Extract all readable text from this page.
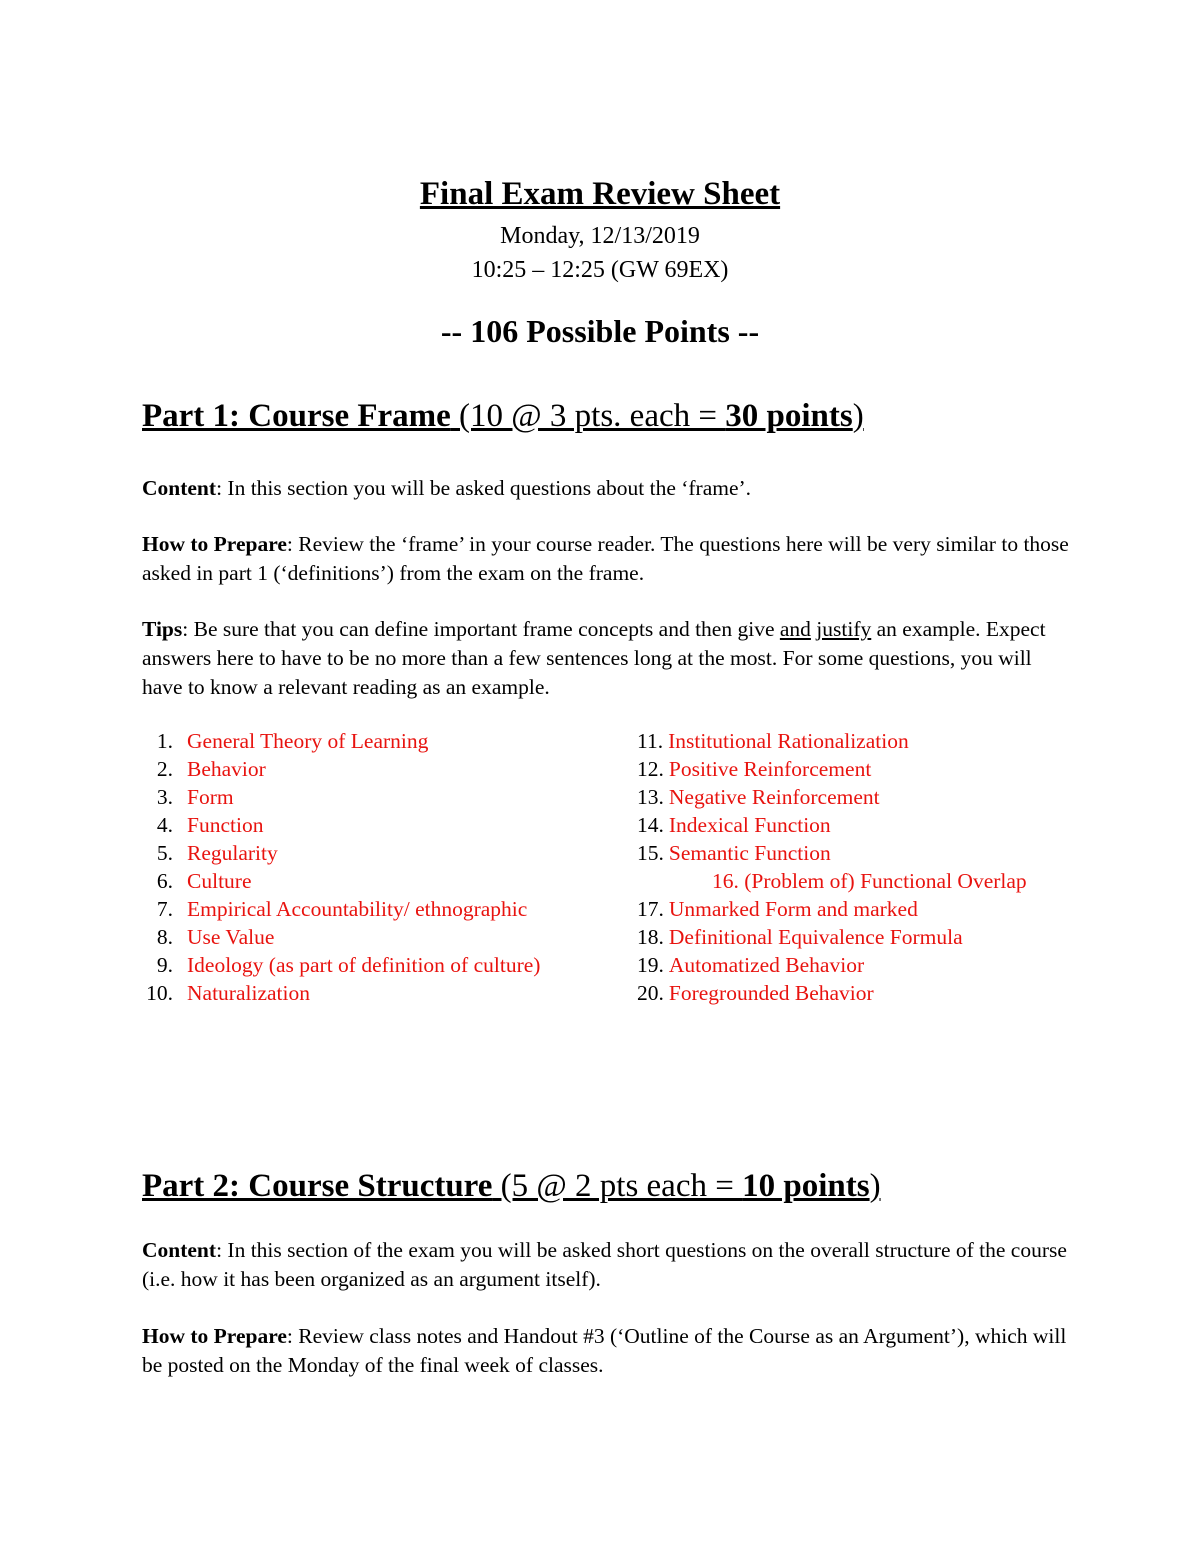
Final Exam Review Sheet
Monday, 12/13/2019
10:25 – 12:25 (GW 69EX)
-- 106 Possible Points --
Part 1: Course Frame (10 @ 3 pts. each = 30 points)
Content: In this section you will be asked questions about the ‘frame’.
How to Prepare: Review the ‘frame’ in your course reader. The questions here will be very similar to those asked in part 1 (‘definitions’) from the exam on the frame.
Tips: Be sure that you can define important frame concepts and then give and justify an example. Expect answers here to have to be no more than a few sentences long at the most. For some questions, you will have to know a relevant reading as an example.
1. General Theory of Learning
2. Behavior
3. Form
4. Function
5. Regularity
6. Culture
7. Empirical Accountability/ ethnographic
8. Use Value
9. Ideology (as part of definition of culture)
10. Naturalization
11. Institutional Rationalization
12. Positive Reinforcement
13. Negative Reinforcement
14. Indexical Function
15. Semantic Function
16. (Problem of) Functional Overlap
17. Unmarked Form and marked
18. Definitional Equivalence Formula
19. Automatized Behavior
20. Foregrounded Behavior
Part 2: Course Structure (5 @ 2 pts each = 10 points)
Content: In this section of the exam you will be asked short questions on the overall structure of the course (i.e. how it has been organized as an argument itself).
How to Prepare: Review class notes and Handout #3 (‘Outline of the Course as an Argument’), which will be posted on the Monday of the final week of classes.
